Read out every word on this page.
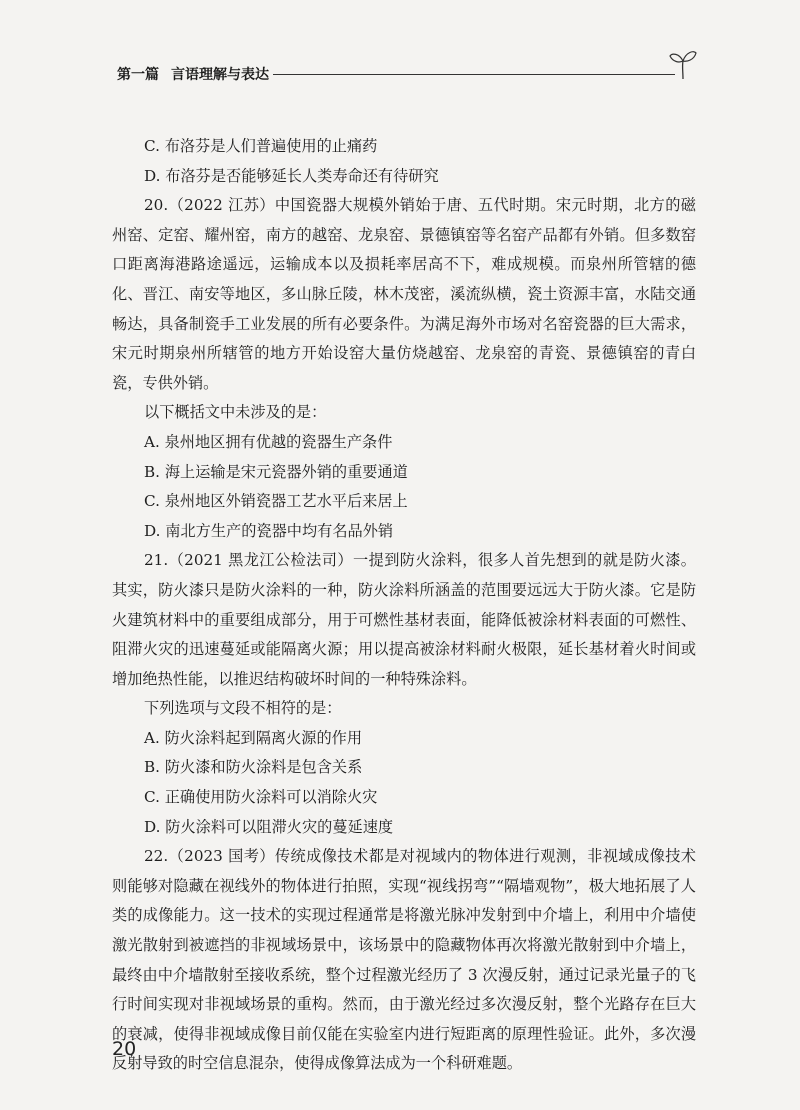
第一篇 言语理解与表达

C. 布洛芬是人们普遍使用的止痛药

D. 布洛芬是否能够延长人类寿命还有待研究

20.（2022 江苏）中国瓷器大规模外销始于唐、五代时期。宋元时期，北方的磁州窑、定窑、耀州窑，南方的越窑、龙泉窑、景德镇窑等名窑产品都有外销。但多数窑口距离海港路途遥远，运输成本以及损耗率居高不下，难成规模。而泉州所管辖的德化、晋江、南安等地区，多山脉丘陵，林木茂密，溪流纵横，瓷土资源丰富，水陆交通畅达，具备制瓷手工业发展的所有必要条件。为满足海外市场对名窑瓷器的巨大需求，宋元时期泉州所辖管的地方开始设窑大量仿烧越窑、龙泉窑的青瓷、景德镇窑的青白瓷，专供外销。

以下概括文中未涉及的是：

A. 泉州地区拥有优越的瓷器生产条件

B. 海上运输是宋元瓷器外销的重要通道

C. 泉州地区外销瓷器工艺水平后来居上

D. 南北方生产的瓷器中均有名品外销

21.（2021 黑龙江公检法司）一提到防火涂料，很多人首先想到的就是防火漆。其实，防火漆只是防火涂料的一种，防火涂料所涵盖的范围要远远大于防火漆。它是防火建筑材料中的重要组成部分，用于可燃性基材表面，能降低被涂材料表面的可燃性、阻滞火灾的迅速蔓延或能隔离火源；用以提高被涂材料耐火极限，延长基材着火时间或增加绝热性能，以推迟结构破坏时间的一种特殊涂料。

下列选项与文段不相符的是：

A. 防火涂料起到隔离火源的作用

B. 防火漆和防火涂料是包含关系

C. 正确使用防火涂料可以消除火灾

D. 防火涂料可以阻滞火灾的蔓延速度

22.（2023 国考）传统成像技术都是对视域内的物体进行观测，非视域成像技术则能够对隐藏在视线外的物体进行拍照，实现“视线拐弯”“隔墙观物”，极大地拓展了人类的成像能力。这一技术的实现过程通常是将激光脉冲发射到中介墙上，利用中介墙使激光散射到被遮挡的非视域场景中，该场景中的隐藏物体再次将激光散射到中介墙上，最终由中介墙散射至接收系统，整个过程激光经历了 3 次漫反射，通过记录光量子的飞行时间实现对非视域场景的重构。然而，由于激光经过多次漫反射，整个光路存在巨大的衰减，使得非视域成像目前仅能在实验室内进行短距离的原理性验证。此外，多次漫反射导致的时空信息混杂，使得成像算法成为一个科研难题。

20
